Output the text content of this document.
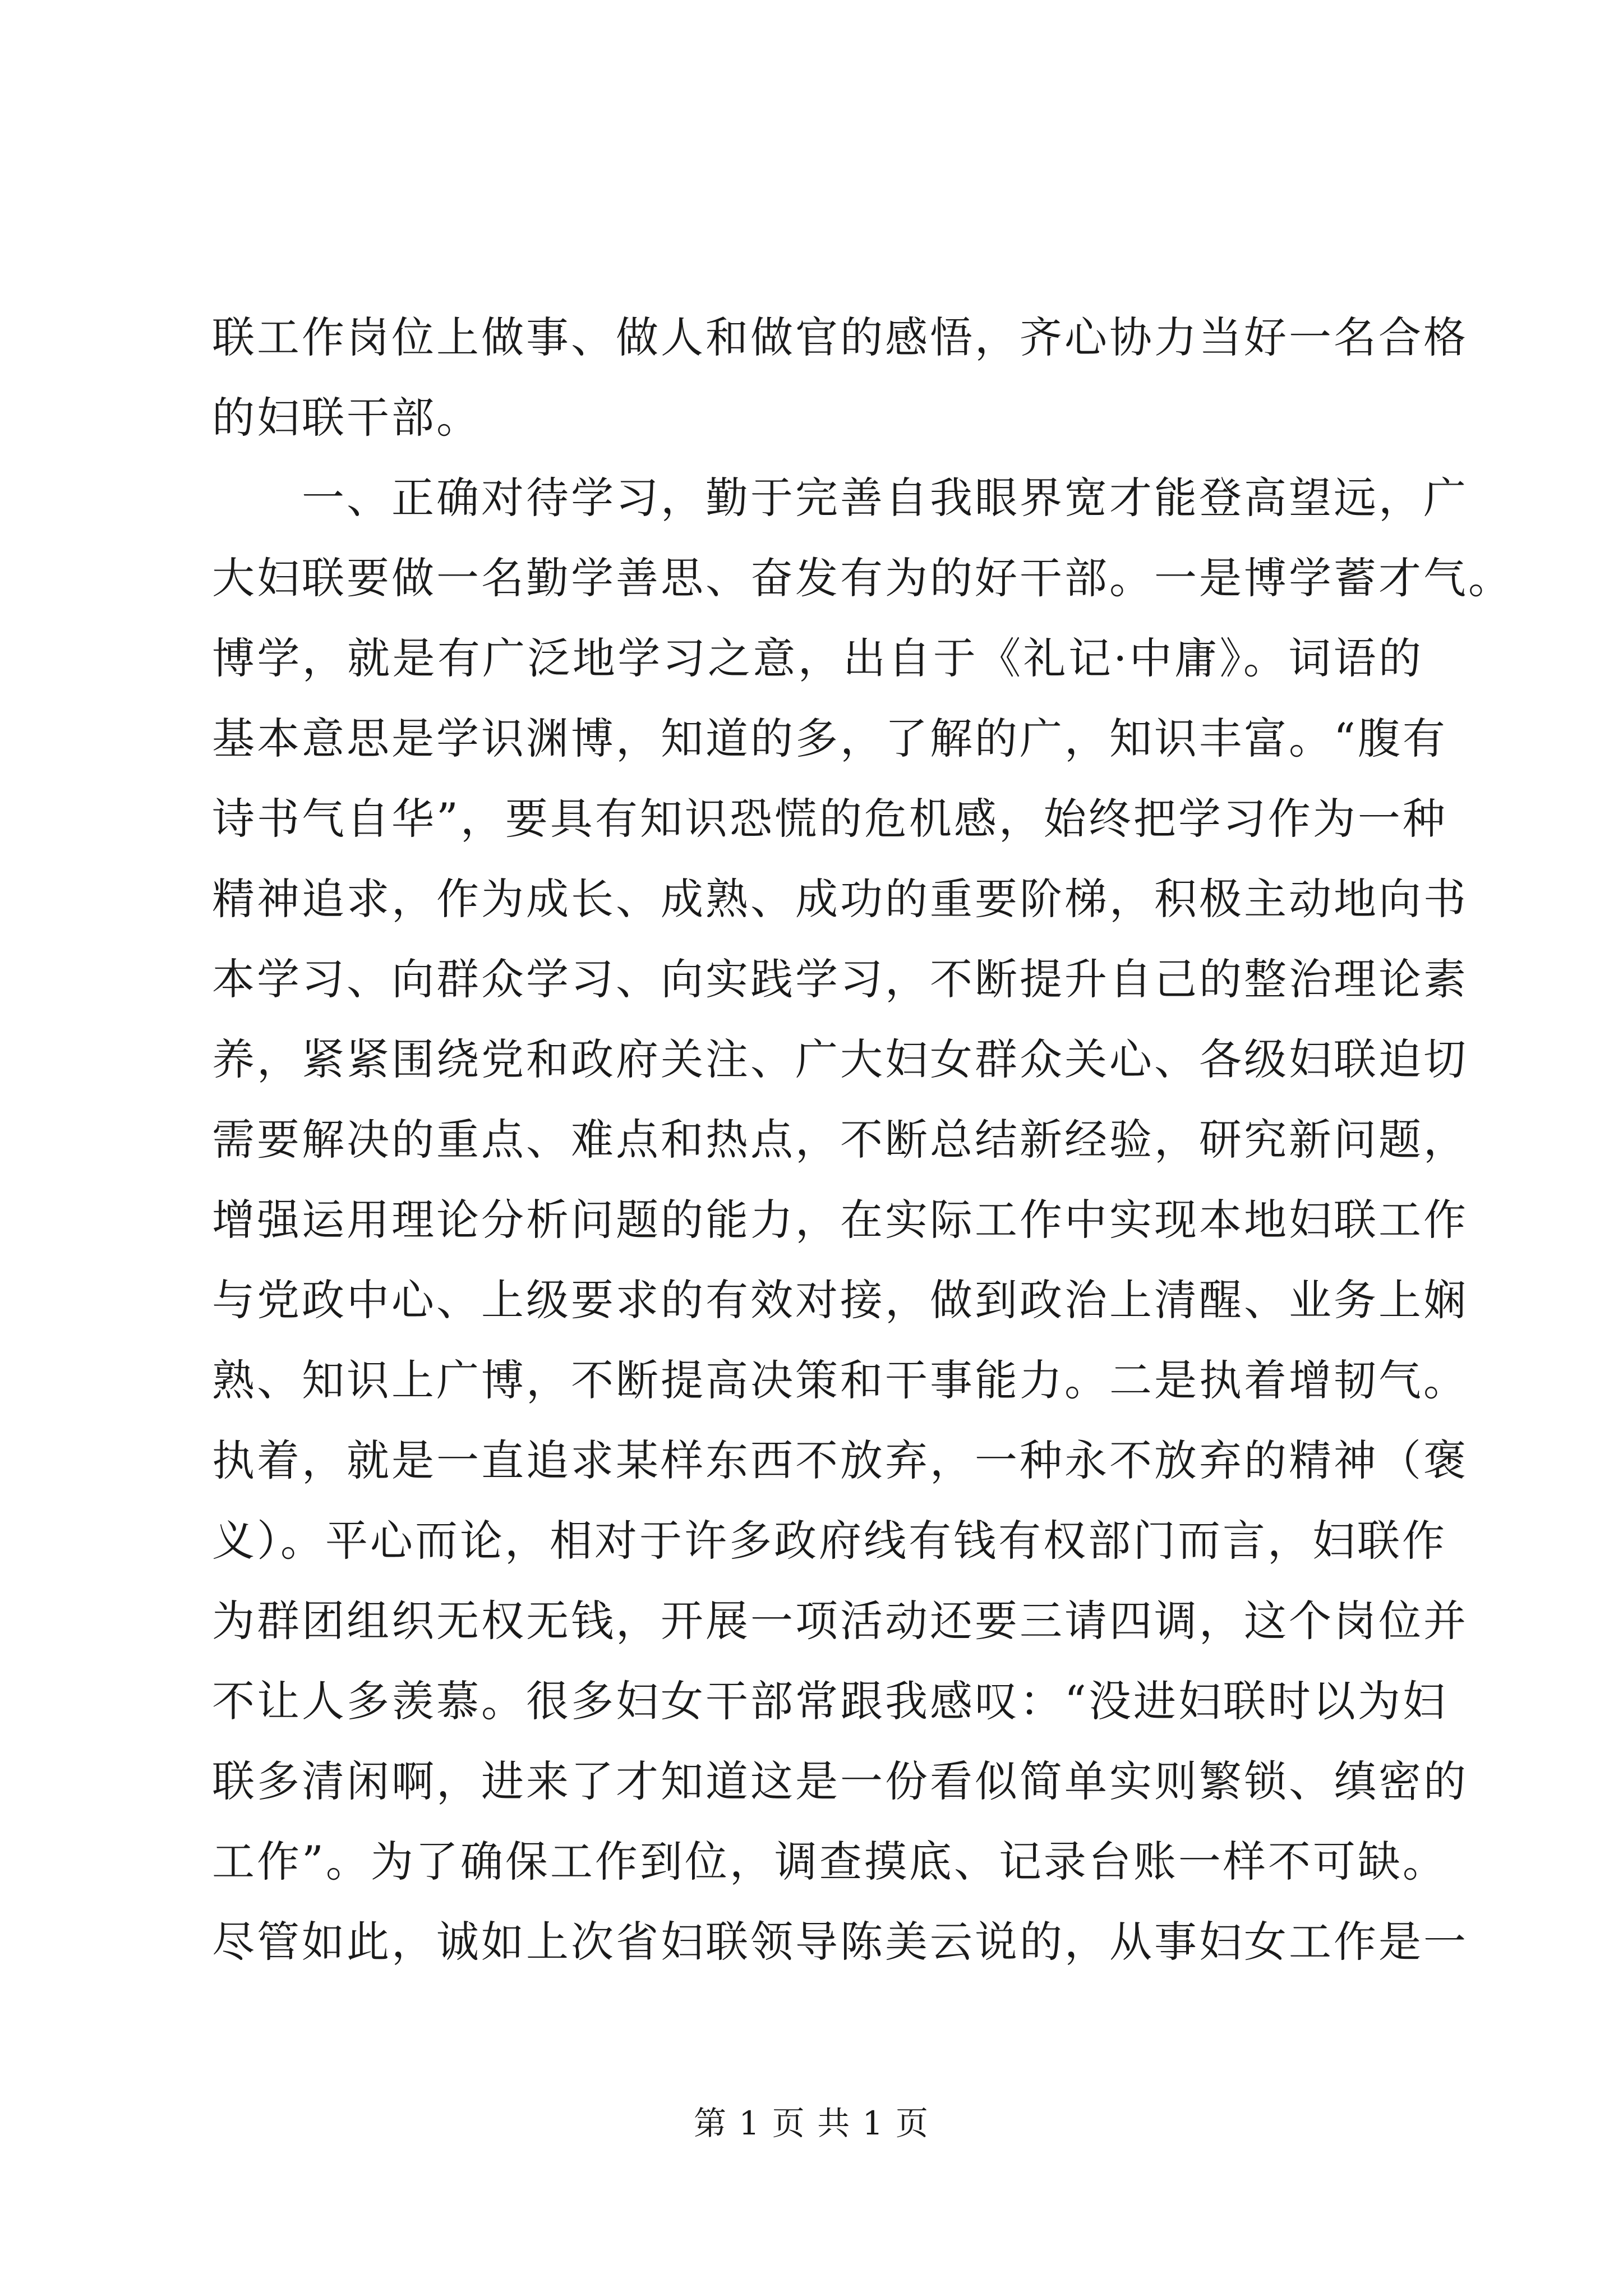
联工作岗位上做事、做人和做官的感悟，齐心协力当好一名合格
的妇联干部。
　　一、正确对待学习，勤于完善自我眼界宽才能登高望远，广
大妇联要做一名勤学善思、奋发有为的好干部。一是博学蓄才气。
博学，就是有广泛地学习之意，出自于《礼记·中庸》。词语的
基本意思是学识渊博，知道的多，了解的广，知识丰富。“腹有
诗书气自华”，要具有知识恐慌的危机感，始终把学习作为一种
精神追求，作为成长、成熟、成功的重要阶梯，积极主动地向书
本学习、向群众学习、向实践学习，不断提升自己的整治理论素
养，紧紧围绕党和政府关注、广大妇女群众关心、各级妇联迫切
需要解决的重点、难点和热点，不断总结新经验，研究新问题，
增强运用理论分析问题的能力，在实际工作中实现本地妇联工作
与党政中心、上级要求的有效对接，做到政治上清醒、业务上娴
熟、知识上广博，不断提高决策和干事能力。二是执着增韧气。
执着，就是一直追求某样东西不放弃，一种永不放弃的精神（褒
义）。平心而论，相对于许多政府线有钱有权部门而言，妇联作
为群团组织无权无钱，开展一项活动还要三请四调，这个岗位并
不让人多羡慕。很多妇女干部常跟我感叹：“没进妇联时以为妇
联多清闲啊，进来了才知道这是一份看似简单实则繁锁、缜密的
工作”。为了确保工作到位，调查摸底、记录台账一样不可缺。
尽管如此，诚如上次省妇联领导陈美云说的，从事妇女工作是一
第 1 页 共 1 页
